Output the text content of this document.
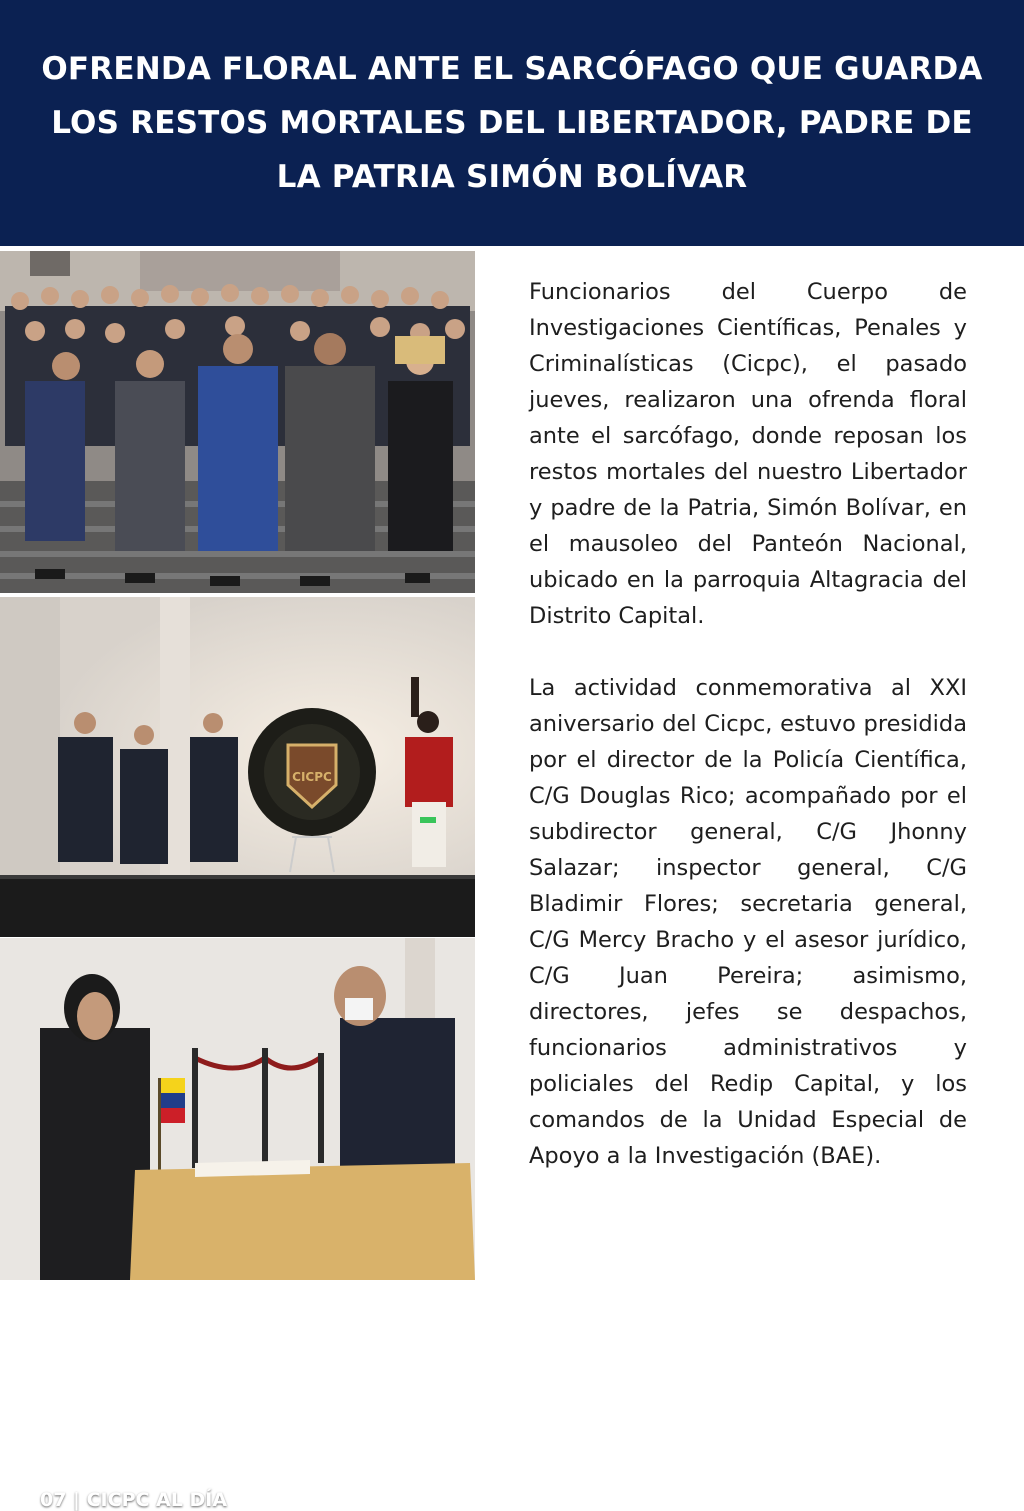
OFRENDA FLORAL ANTE EL SARCÓFAGO QUE GUARDA LOS RESTOS MORTALES DEL LIBERTADOR, PADRE DE LA PATRIA SIMÓN BOLÍVAR
CICPC
07 | CICPC AL DÍA

Funcionarios del Cuerpo de Investigaciones Científicas, Penales y Criminalísticas (Cicpc), el pasado jueves, realizaron una ofrenda floral ante el sarcófago, donde reposan los restos mortales del nuestro Libertador y padre de la Patria, Simón Bolívar, en el mausoleo del Panteón Nacional, ubicado en la parroquia Altagracia del Distrito Capital.

La actividad conmemorativa al XXI aniversario del Cicpc, estuvo presidida por el director de la Policía Científica, C/G Douglas Rico; acompañado por el subdirector general, C/G Jhonny Salazar; inspector general, C/G Bladimir Flores; secretaria general, C/G Mercy Bracho y el asesor jurídico, C/G Juan Pereira; asimismo, directores, jefes se despachos, funcionarios administrativos y policiales del Redip Capital, y los comandos de la Unidad Especial de Apoyo a la Investigación (BAE).
